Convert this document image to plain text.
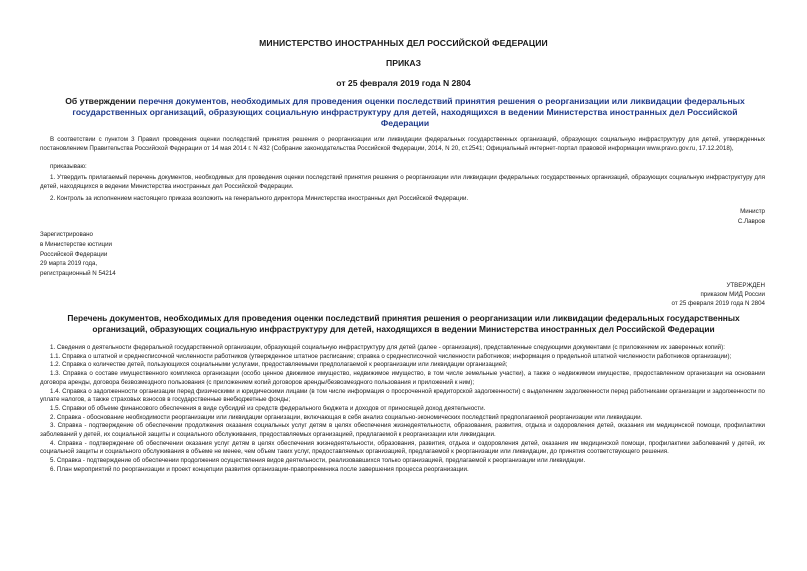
МИНИСТЕРСТВО ИНОСТРАННЫХ ДЕЛ РОССИЙСКОЙ ФЕДЕРАЦИИ
ПРИКАЗ
от 25 февраля 2019 года N 2804
Об утверждении перечня документов, необходимых для проведения оценки последствий принятия решения о реорганизации или ликвидации федеральных государственных организаций, образующих социальную инфраструктуру для детей, находящихся в ведении Министерства иностранных дел Российской Федерации
В соответствии с пунктом 3 Правил проведения оценки последствий принятия решения о реорганизации или ликвидации федеральных государственных организаций, образующих социальную инфраструктуру для детей, утвержденных постановлением Правительства Российской Федерации от 14 мая 2014 г. N 432 (Собрание законодательства Российской Федерации, 2014, N 20, ст.2541; Официальный интернет-портал правовой информации www.pravo.gov.ru, 17.12.2018),
приказываю:
1. Утвердить прилагаемый перечень документов, необходимых для проведения оценки последствий принятия решения о реорганизации или ликвидации федеральных государственных организаций, образующих социальную инфраструктуру для детей, находящихся в ведении Министерства иностранных дел Российской Федерации.
2. Контроль за исполнением настоящего приказа возложить на генерального директора Министерства иностранных дел Российской Федерации.
Министр
С.Лавров
Зарегистрировано
в Министерстве юстиции
Российской Федерации
29 марта 2019 года,
регистрационный N 54214
УТВЕРЖДЕН
приказом МИД России
от 25 февраля 2019 года N 2804
Перечень документов, необходимых для проведения оценки последствий принятия решения о реорганизации или ликвидации федеральных государственных организаций, образующих социальную инфраструктуру для детей, находящихся в ведении Министерства иностранных дел Российской Федерации

1. Сведения о деятельности федеральной государственной организации, образующей социальную инфраструктуру для детей (далее - организация), представленные следующими документами (с приложением их заверенных копий):

1.1. Справка о штатной и среднесписочной численности работников (утвержденное штатное расписание; справка о среднесписочной численности работников; информация о предельной штатной численности работников организации);

1.2. Справка о количестве детей, пользующихся социальными услугами, предоставляемыми предполагаемой к реорганизации или ликвидации организацией;

1.3. Справка о составе имущественного комплекса организации (особо ценное движимое имущество, недвижимое имущество, в том числе земельные участки), а также о недвижимом имуществе, предоставленном организации на основании договора аренды, договора безвозмездного пользования (с приложением копий договоров аренды/безвозмездного пользования и приложений к ним);

1.4. Справка о задолженности организации перед физическими и юридическими лицами (в том числе информация о просроченной кредиторской задолженности) с выделением задолженности перед работниками организации и задолженности по уплате налогов, а также страховых взносов в государственные внебюджетные фонды;

1.5. Справки об объеме финансового обеспечения в виде субсидий из средств федерального бюджета и доходов от приносящей доход деятельности.

2. Справка - обоснование необходимости реорганизации или ликвидации организации, включающая в себя анализ социально-экономических последствий предполагаемой реорганизации или ликвидации.

3. Справка - подтверждение об обеспечении продолжения оказания социальных услуг детям в целях обеспечения жизнедеятельности, образования, развития, отдыха и оздоровления детей, оказания им медицинской помощи, профилактики заболеваний у детей, их социальной защиты и социального обслуживания, предоставляемых организацией, предлагаемой к реорганизации или ликвидации.

4. Справка - подтверждение об обеспечении оказания услуг детям в целях обеспечения жизнедеятельности, образования, развития, отдыха и оздоровления детей, оказания им медицинской помощи, профилактики заболеваний у детей, их социальной защиты и социального обслуживания в объеме не менее, чем объем таких услуг, предоставляемых организацией, предлагаемой к реорганизации или ликвидации, до принятия соответствующего решения.

5. Справка - подтверждение об обеспечении продолжения осуществления видов деятельности, реализовавшихся только организацией, предлагаемой к реорганизации или ликвидации.

6. План мероприятий по реорганизации и проект концепции развития организации-правопреемника после завершения процесса реорганизации.
